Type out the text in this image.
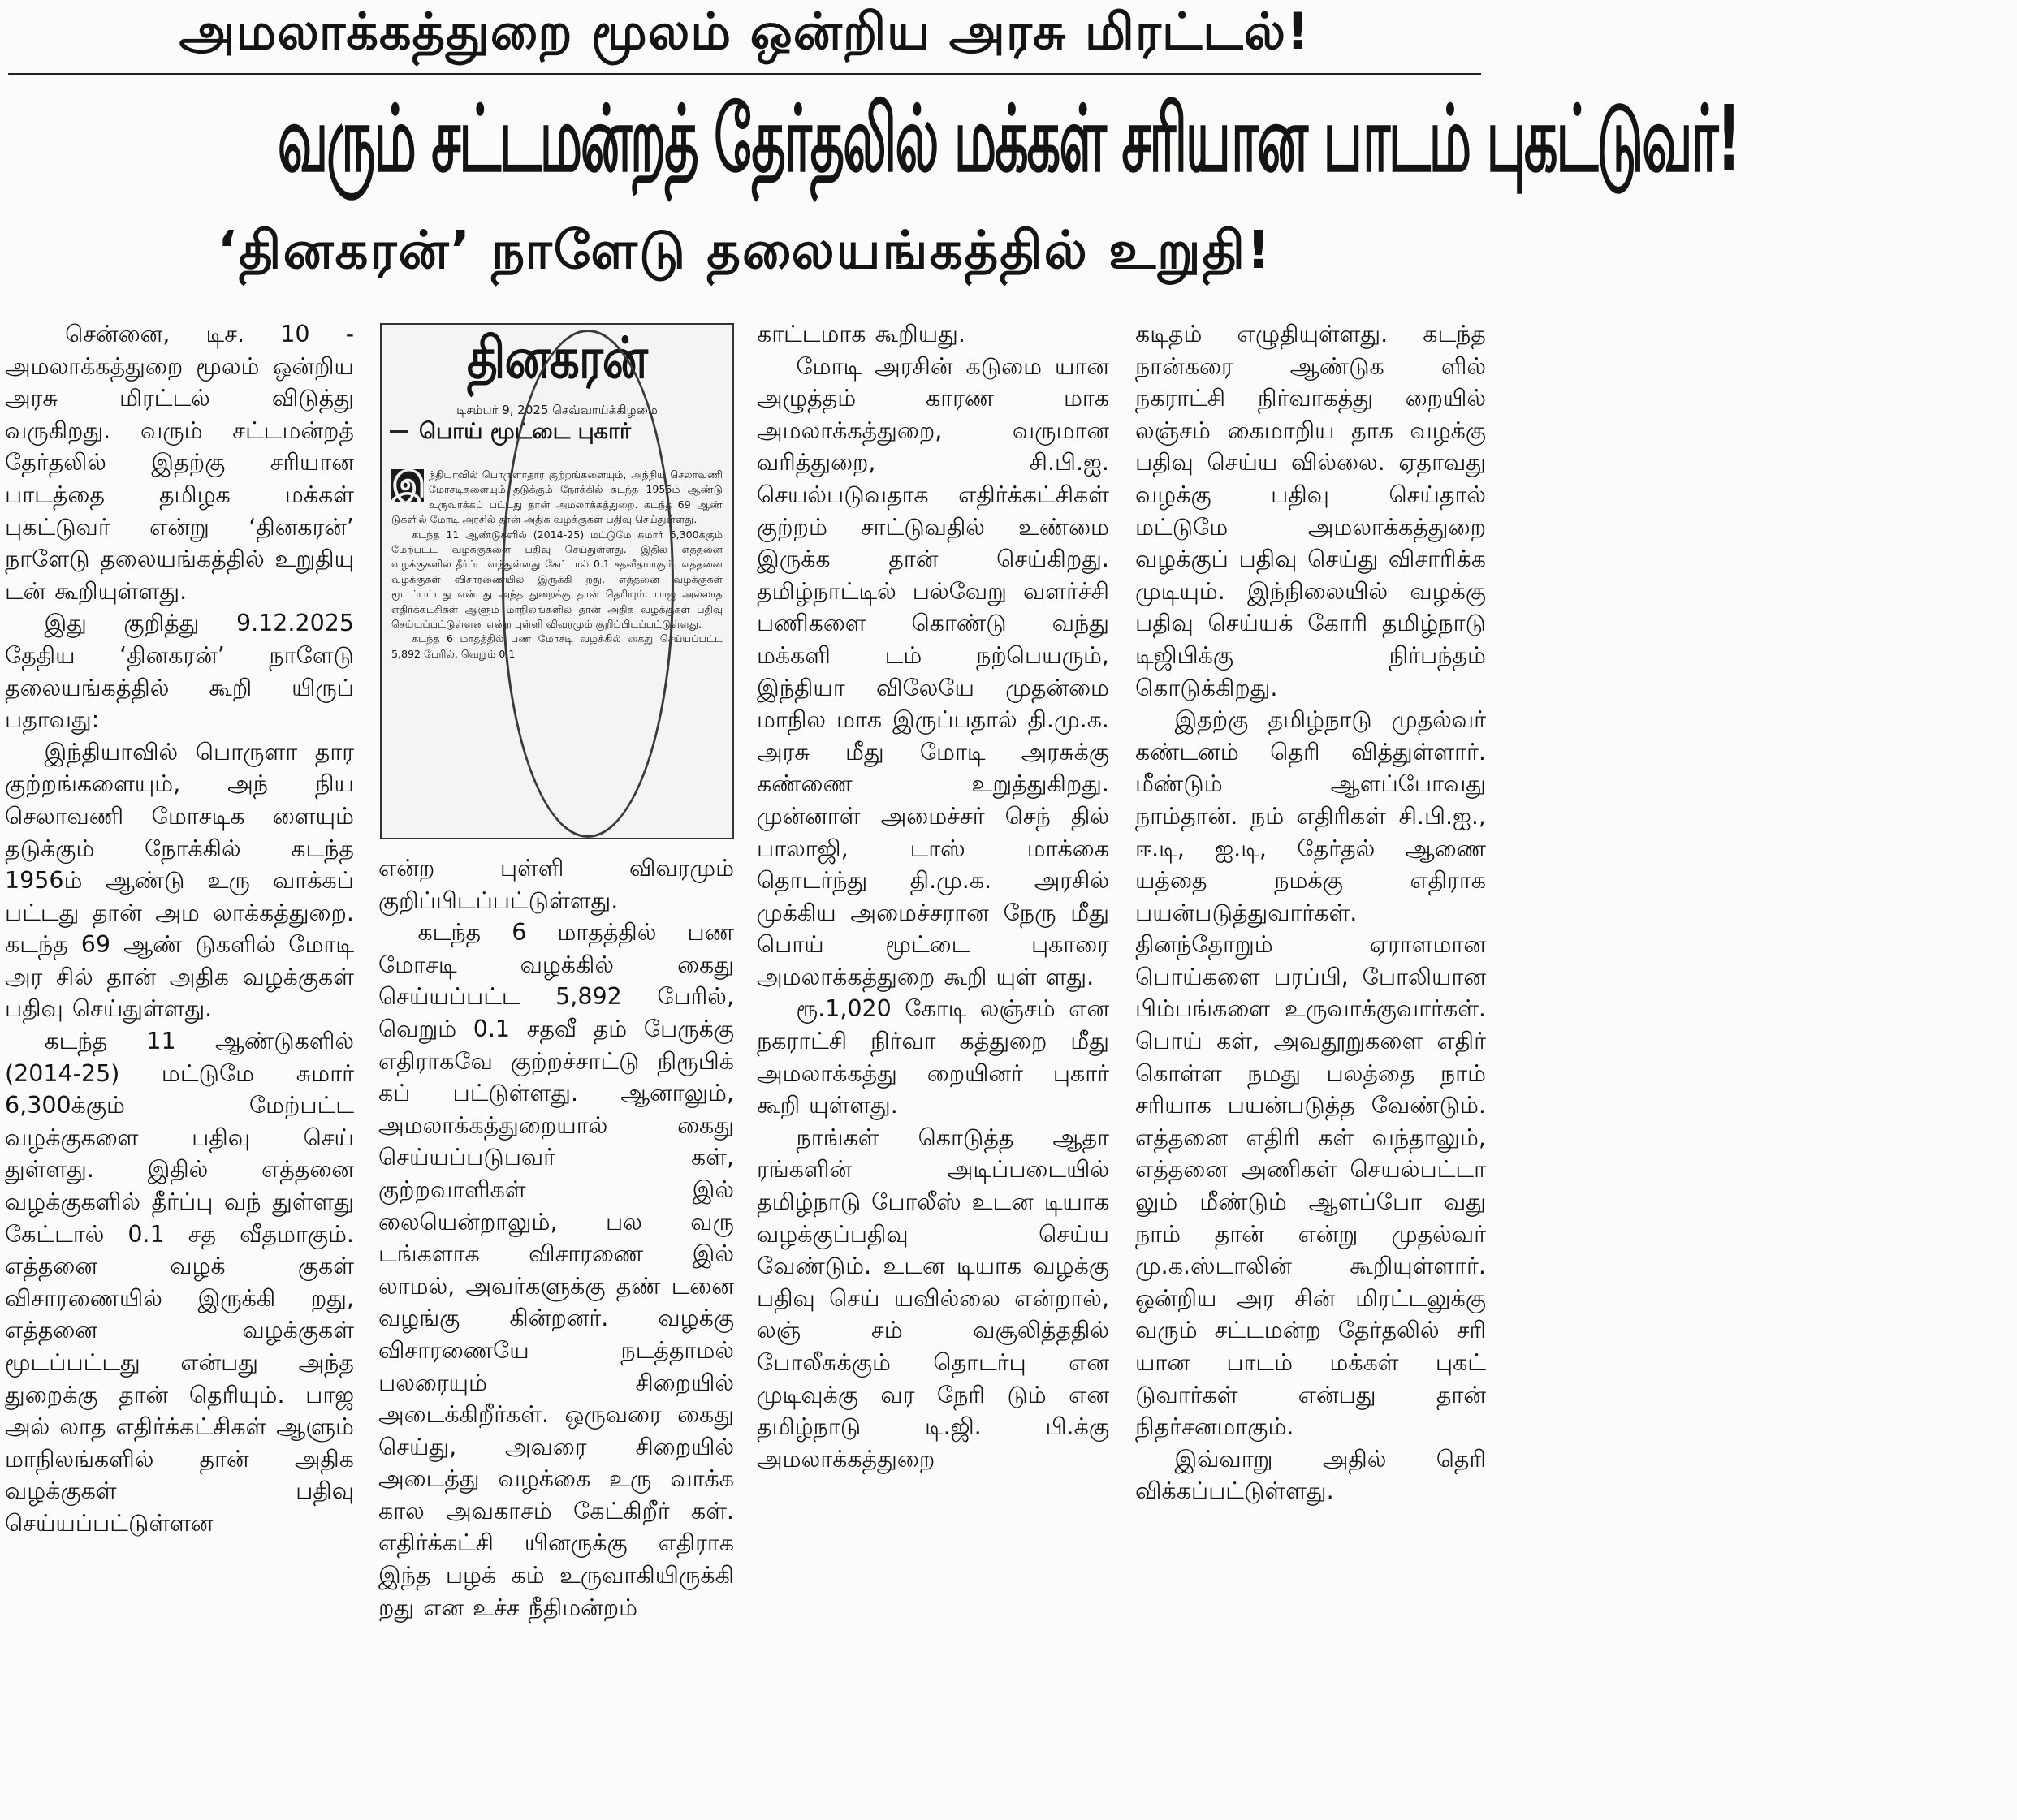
அமலாக்கத்துறை மூலம் ஒன்றிய அரசு மிரட்டல்!
வரும் சட்டமன்றத் தேர்தலில் மக்கள் சரியான பாடம் புகட்டுவர்!
‘தினகரன்’ நாளேடு தலையங்கத்தில் உறுதி!

சென்னை, டிச. 10 - அமலாக்கத்துறை மூலம் ஒன்றிய அரசு மிரட்டல் விடுத்து வருகிறது. வரும் சட்டமன்றத் தேர்தலில் இதற்கு சரியான பாடத்தை தமிழக மக்கள் புகட்டுவர் என்று ‘தினகரன்’ நாளேடு தலையங்கத்தில் உறுதியு டன் கூறியுள்ளது.

இது குறித்து 9.12.2025 தேதிய ‘தினகரன்’ நாளேடு தலையங்கத்தில் கூறி யிருப் பதாவது:

இந்தியாவில் பொருளா தார குற்றங்களையும், அந் நிய செலாவணி மோசடிக ளையும் தடுக்கும் நோக்கில் கடந்த 1956ம் ஆண்டு உரு வாக்கப் பட்டது தான் அம லாக்கத்துறை. கடந்த 69 ஆண் டுகளில் மோடி அர சில் தான் அதிக வழக்குகள் பதிவு செய்துள்ளது.

கடந்த 11 ஆண்டுகளில் (2014-25) மட்டுமே சுமார் 6,300க்கும் மேற்பட்ட வழக்குகளை பதிவு செய் துள்ளது. இதில் எத்தனை வழக்குகளில் தீர்ப்பு வந் துள்ளது கேட்டால் 0.1 சத வீதமாகும். எத்தனை வழக் குகள் விசாரணையில் இருக்கி றது, எத்தனை வழக்குகள் மூடப்பட்டது என்பது அந்த துறைக்கு தான் தெரியும். பாஜ அல் லாத எதிர்க்கட்சிகள் ஆளும் மாநிலங்களில் தான் அதிக வழக்குகள் பதிவு செய்யப்பட்டுள்ளன

தினகரன்
டிசம்பர் 9, 2025 செவ்வாய்க்கிழமை
பொய் மூட்டை புகார்

இ ந்தியாவில் பொருளாதார குற்றங்களையும், அந்நிய செலாவணி மோசடிகளையும் தடுக்கும் நோக்கில் கடந்த 1956ம் ஆண்டு உருவாக்கப் பட்டது தான் அமலாக்கத்துறை. கடந்த 69 ஆண் டுகளில் மோடி அரசில் தான் அதிக வழக்குகள் பதிவு செய்துள்ளது.

கடந்த 11 ஆண்டுகளில் (2014-25) மட்டுமே சுமார் 6,300க்கும் மேற்பட்ட வழக்குகளை பதிவு செய்துள்ளது. இதில் எத்தனை வழக்குகளில் தீர்ப்பு வந்துள்ளது கேட்டால் 0.1 சதவீதமாகும். எத்தனை வழக்குகள் விசாரணையில் இருக்கி றது, எத்தனை வழக்குகள் மூடப்பட்டது என்பது அந்த துறைக்கு தான் தெரியும். பாஜ அல்லாத எதிர்க்கட்சிகள் ஆளும் மாநிலங்களில் தான் அதிக வழக்குகள் பதிவு செய்யப்பட்டுள்ளன என்ற புள்ளி விவரமும் குறிப்பிடப்பட்டுள்ளது.

கடந்த 6 மாதத்தில் பண மோசடி வழக்கில் கைது செய்யப்பட்ட 5,892 பேரில், வெறும் 0.1

என்ற புள்ளி விவரமும் குறிப்பிடப்பட்டுள்ளது.

கடந்த 6 மாதத்தில் பண மோசடி வழக்கில் கைது செய்யப்பட்ட 5,892 பேரில், வெறும் 0.1 சதவீ தம் பேருக்கு எதிராகவே குற்றச்சாட்டு நிரூபிக் கப் பட்டுள்ளது. ஆனாலும், அமலாக்கத்துறையால் கைது செய்யப்படுபவர் கள், குற்றவாளிகள் இல் லையென்றாலும், பல வரு டங்களாக விசாரணை இல் லாமல், அவர்களுக்கு தண் டனை வழங்கு கின்றனர். வழக்கு விசாரணையே நடத்தாமல் பலரையும் சிறையில் அடைக்கிறீர்கள். ஒருவரை கைது செய்து, அவரை சிறையில் அடைத்து வழக்கை உரு வாக்க கால அவகாசம் கேட்கிறீர் கள். எதிர்க்கட்சி யினருக்கு எதிராக இந்த பழக் கம் உருவாகியிருக்கி றது என உச்ச நீதிமன்றம்

காட்டமாக கூறியது.

மோடி அரசின் கடுமை யான அழுத்தம் காரண மாக அமலாக்கத்துறை, வருமான வரித்துறை, சி.பி.ஐ. செயல்படுவதாக எதிர்க்கட்சிகள் குற்றம் சாட்டுவதில் உண்மை இருக்க தான் செய்கிறது. தமிழ்நாட்டில் பல்வேறு வளர்ச்சி பணிகளை கொண்டு வந்து மக்களி டம் நற்பெயரும், இந்தியா விலேயே முதன்மை மாநில மாக இருப்பதால் தி.மு.க. அரசு மீது மோடி அரசுக்கு கண்ணை உறுத்துகிறது. முன்னாள் அமைச்சர் செந் தில் பாலாஜி, டாஸ் மாக்கை தொடர்ந்து தி.மு.க. அரசில் முக்கிய அமைச்சரான நேரு மீது பொய் மூட்டை புகாரை அமலாக்கத்துறை கூறி யுள் ளது.

ரூ.1,020 கோடி லஞ்சம் என நகராட்சி நிர்வா கத்துறை மீது அமலாக்கத்து றையினர் புகார் கூறி யுள்ளது.

நாங்கள் கொடுத்த ஆதா ரங்களின் அடிப்படையில் தமிழ்நாடு போலீஸ் உடன டியாக வழக்குப்பதிவு செய்ய வேண்டும். உடன டியாக வழக்கு பதிவு செய் யவில்லை என்றால், லஞ் சம் வசூலித்ததில் போலீசுக்கும் தொடர்பு என முடிவுக்கு வர நேரி டும் என தமிழ்நாடு டி.ஜி. பி.க்கு அமலாக்கத்துறை

கடிதம் எழுதியுள்ளது. கடந்த நான்கரை ஆண்டுக ளில் நகராட்சி நிர்வாகத்து றையில் லஞ்சம் கைமாறிய தாக வழக்கு பதிவு செய்ய வில்லை. ஏதாவது வழக்கு பதிவு செய்தால் மட்டுமே அமலாக்கத்துறை வழக்குப் பதிவு செய்து விசாரிக்க முடியும். இந்நிலையில் வழக்கு பதிவு செய்யக் கோரி தமிழ்நாடு டிஜிபிக்கு நிர்பந்தம் கொடுக்கிறது.

இதற்கு தமிழ்நாடு முதல்வர் கண்டனம் தெரி வித்துள்ளார். மீண்டும் ஆளப்போவது நாம்தான். நம் எதிரிகள் சி.பி.ஐ., ஈ.டி, ஐ.டி, தேர்தல் ஆணை யத்தை நமக்கு எதிராக பயன்படுத்துவார்கள். தினந்தோறும் ஏராளமான பொய்களை பரப்பி, போலியான பிம்பங்களை உருவாக்குவார்கள். பொய் கள், அவதூறுகளை எதிர் கொள்ள நமது பலத்தை நாம் சரியாக பயன்படுத்த வேண்டும். எத்தனை எதிரி கள் வந்தாலும், எத்தனை அணிகள் செயல்பட்டா லும் மீண்டும் ஆளப்போ வது நாம் தான் என்று முதல்வர் மு.க.ஸ்டாலின் கூறியுள்ளார். ஒன்றிய அர சின் மிரட்டலுக்கு வரும் சட்டமன்ற தேர்தலில் சரி யான பாடம் மக்கள் புகட் டுவார்கள் என்பது தான் நிதர்சனமாகும்.

இவ்வாறு அதில் தெரி விக்கப்பட்டுள்ளது.
